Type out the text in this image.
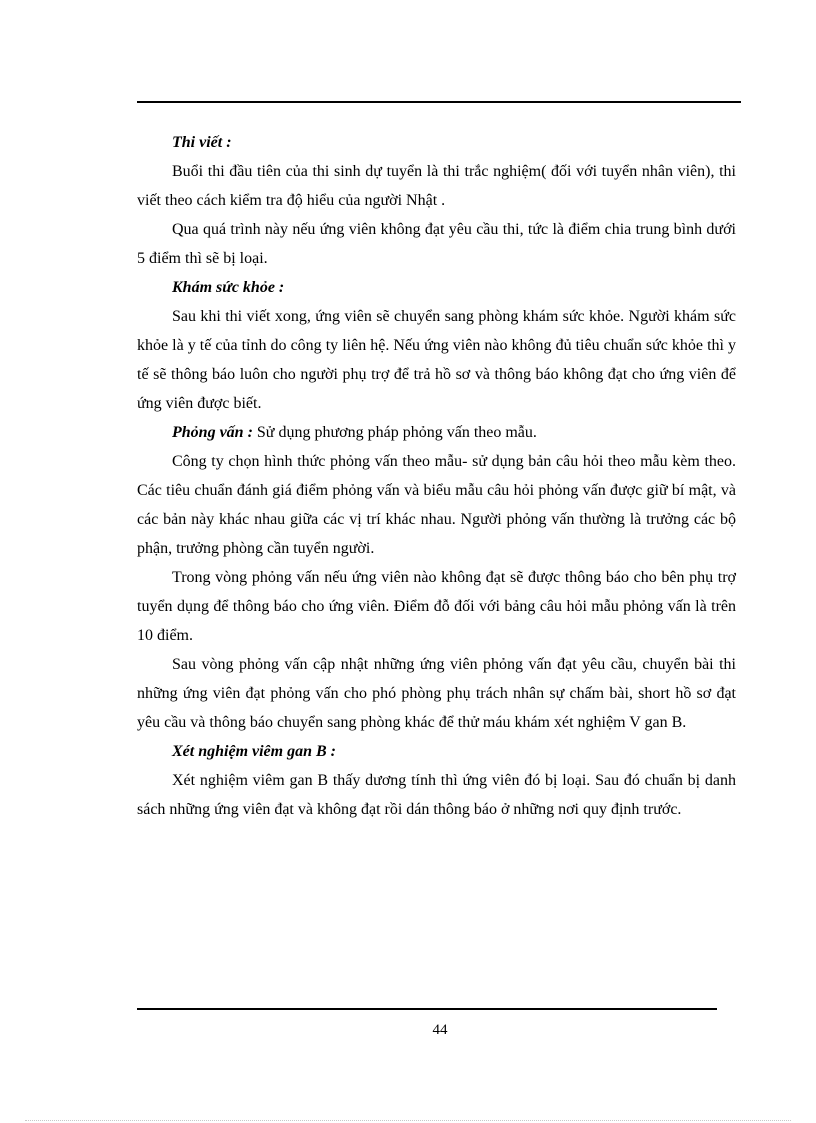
Thi viết :

Buổi thi đầu tiên của thi sinh dự tuyển là thi trắc nghiệm( đối với tuyển nhân viên), thi viết theo cách kiểm tra độ hiểu của người Nhật .

Qua quá trình này nếu ứng viên không đạt yêu cầu thi, tức là điểm chia trung bình dưới 5 điểm thì sẽ bị loại.

Khám sức khỏe :

Sau khi thi viết xong, ứng viên sẽ chuyển sang phòng khám sức khỏe. Người khám sức khỏe là y tế của tỉnh do công ty liên hệ. Nếu ứng viên nào không đủ tiêu chuẩn sức khỏe thì y tế sẽ thông báo luôn cho người phụ trợ để trả hồ sơ và thông báo không đạt cho ứng viên để ứng viên được biết.

Phỏng vấn : Sử dụng phương pháp phỏng vấn theo mẫu.

Công ty chọn hình thức phỏng vấn theo mẫu- sử dụng bản câu hỏi theo mẫu kèm theo. Các tiêu chuẩn đánh giá điểm phỏng vấn và biểu mẫu câu hỏi phỏng vấn được giữ bí mật, và các bản này khác nhau giữa các vị trí khác nhau. Người phỏng vấn thường là trưởng các bộ phận, trưởng phòng cần tuyển người.

Trong vòng phỏng vấn nếu ứng viên nào không đạt sẽ được thông báo cho bên phụ trợ tuyển dụng để thông báo cho ứng viên. Điểm đỗ đối với bảng câu hỏi mẫu phỏng vấn là trên 10 điểm.

Sau vòng phỏng vấn cập nhật những ứng viên phỏng vấn đạt yêu cầu, chuyển bài thi những ứng viên đạt phỏng vấn cho phó phòng phụ trách nhân sự chấm bài, short hồ sơ đạt yêu cầu và thông báo chuyển sang phòng khác để thử máu khám xét nghiệm V gan B.

Xét nghiệm viêm gan B :

Xét nghiệm viêm gan B thấy dương tính thì ứng viên đó bị loại. Sau đó chuẩn bị danh sách những ứng viên đạt và không đạt rồi dán thông báo ở những nơi quy định trước.

44
